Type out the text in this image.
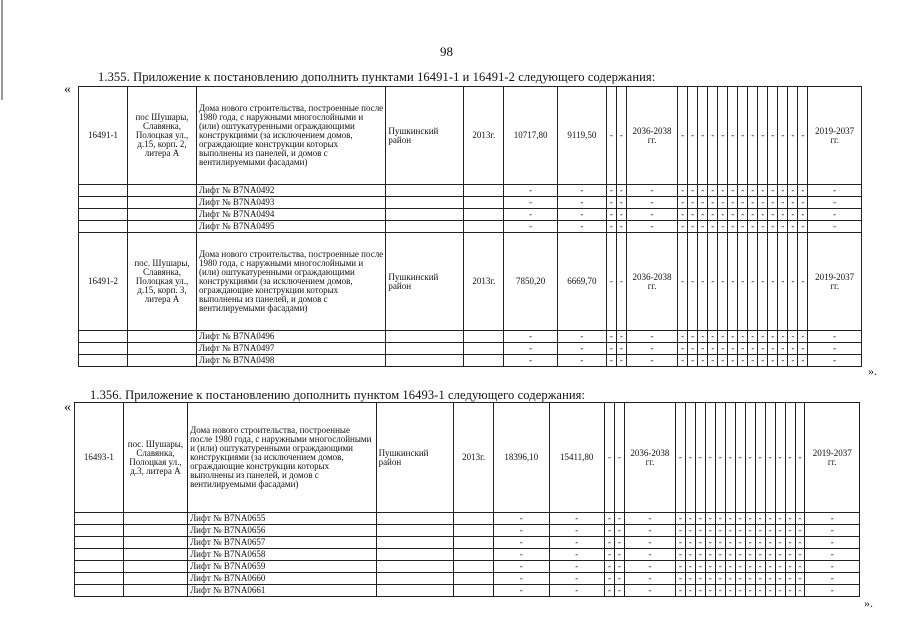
98
1.355. Приложение к постановлению дополнить пунктами 16491-1 и 16491-2 следующего содержания:
«
».
16491-1	пос Шушары, Славянка, Полоцкая ул., д.15, корп. 2, литера А	Дома нового строительства, построенные после 1980 года, с наружными многослойными и (или) оштукатуренными ограждающими конструкциями (за исключением домов, ограждающие конструкции которых выполнены из панелей, и домов с вентилируемыми фасадами)	Пушкинский район	2013г.	10717,80	9119,50	-	-	2036-2038 гг.	-	-	-	-	-	-	-	-	-	-	-	-	-	2019-2037 гг.
		Лифт № В7NА0492			-	-	-	-	-	-	-	-	-	-	-	-	-	-	-	-	-	-	-
		Лифт № В7NА0493			-	-	-	-	-	-	-	-	-	-	-	-	-	-	-	-	-	-	-
		Лифт № В7NА0494			-	-	-	-	-	-	-	-	-	-	-	-	-	-	-	-	-	-	-
		Лифт № В7NА0495			-	-	-	-	-	-	-	-	-	-	-	-	-	-	-	-	-	-	-
16491-2	пос. Шушары, Славянка, Полоцкая ул., д.15, корп. 3, литера А	Дома нового строительства, построенные после 1980 года, с наружными многослойными и (или) оштукатуренными ограждающими конструкциями (за исключением домов, ограждающие конструкции которых выполнены из панелей, и домов с вентилируемыми фасадами)	Пушкинский район	2013г.	7850,20	6669,70	-	-	2036-2038 гг.	-	-	-	-	-	-	-	-	-	-	-	-	-	2019-2037 гг.
		Лифт № В7NА0496			-	-	-	-	-	-	-	-	-	-	-	-	-	-	-	-	-	-	-
		Лифт № В7NА0497			-	-	-	-	-	-	-	-	-	-	-	-	-	-	-	-	-	-	-
		Лифт № В7NА0498			-	-	-	-	-	-	-	-	-	-	-	-	-	-	-	-	-	-	-
1.356. Приложение к постановлению дополнить пунктом 16493-1 следующего содержания:
«
».
16493-1	пос. Шушары, Славянка, Полоцкая ул., д.3, литера А	Дома нового строительства, построенные после 1980 года, с наружными многослойными и (или) оштукатуренными ограждающими конструкциями (за исключением домов, ограждающие конструкции которых выполнены из панелей, и домов с вентилируемыми фасадами)	Пушкинский район	2013г.	18396,10	15411,80	-	-	2036-2038 гг.	-	-	-	-	-	-	-	-	-	-	-	-	-	2019-2037 гг.
		Лифт № В7NА0655			-	-	-	-	-	-	-	-	-	-	-	-	-	-	-	-	-	-	-
		Лифт № В7NА0656			-	-	-	-	-	-	-	-	-	-	-	-	-	-	-	-	-	-	-
		Лифт № В7NА0657			-	-	-	-	-	-	-	-	-	-	-	-	-	-	-	-	-	-	-
		Лифт № В7NА0658			-	-	-	-	-	-	-	-	-	-	-	-	-	-	-	-	-	-	-
		Лифт № В7NА0659			-	-	-	-	-	-	-	-	-	-	-	-	-	-	-	-	-	-	-
		Лифт № В7NА0660			-	-	-	-	-	-	-	-	-	-	-	-	-	-	-	-	-	-	-
		Лифт № В7NА0661			-	-	-	-	-	-	-	-	-	-	-	-	-	-	-	-	-	-	-
